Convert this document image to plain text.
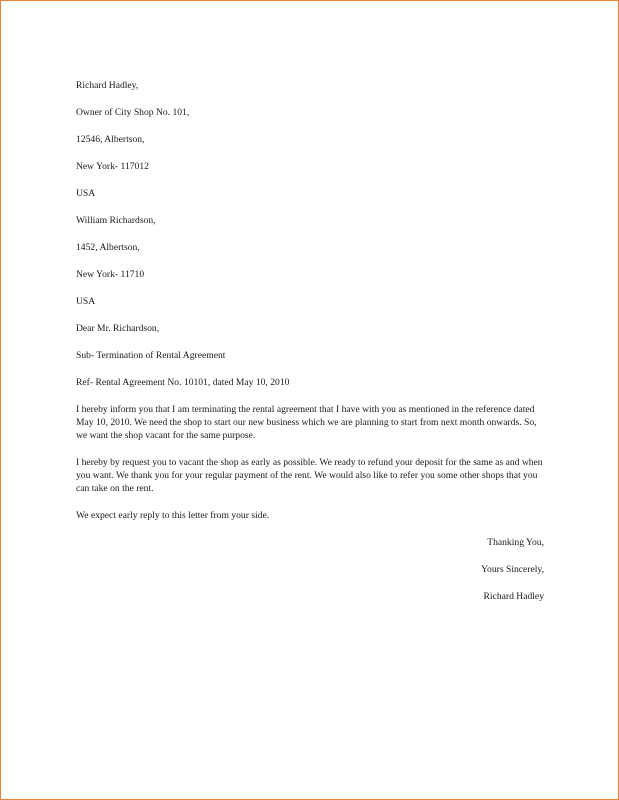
Richard Hadley,
Owner of City Shop No. 101,
12546, Albertson,
New York- 117012
USA
William Richardson,
1452, Albertson,
New York- 11710
USA
Dear Mr. Richardson,
Sub- Termination of Rental Agreement
Ref- Rental Agreement No. 10101, dated May 10, 2010
I hereby inform you that I am terminating the rental agreement that I have with you as mentioned in the reference dated May 10, 2010. We need the shop to start our new business which we are planning to start from next month onwards. So, we want the shop vacant for the same purpose.
I hereby by request you to vacant the shop as early as possible. We ready to refund your deposit for the same as and when you want. We thank you for your regular payment of the rent. We would also like to refer you some other shops that you can take on the rent.
We expect early reply to this letter from your side.
Thanking You,
Yours Sincerely,
Richard Hadley
